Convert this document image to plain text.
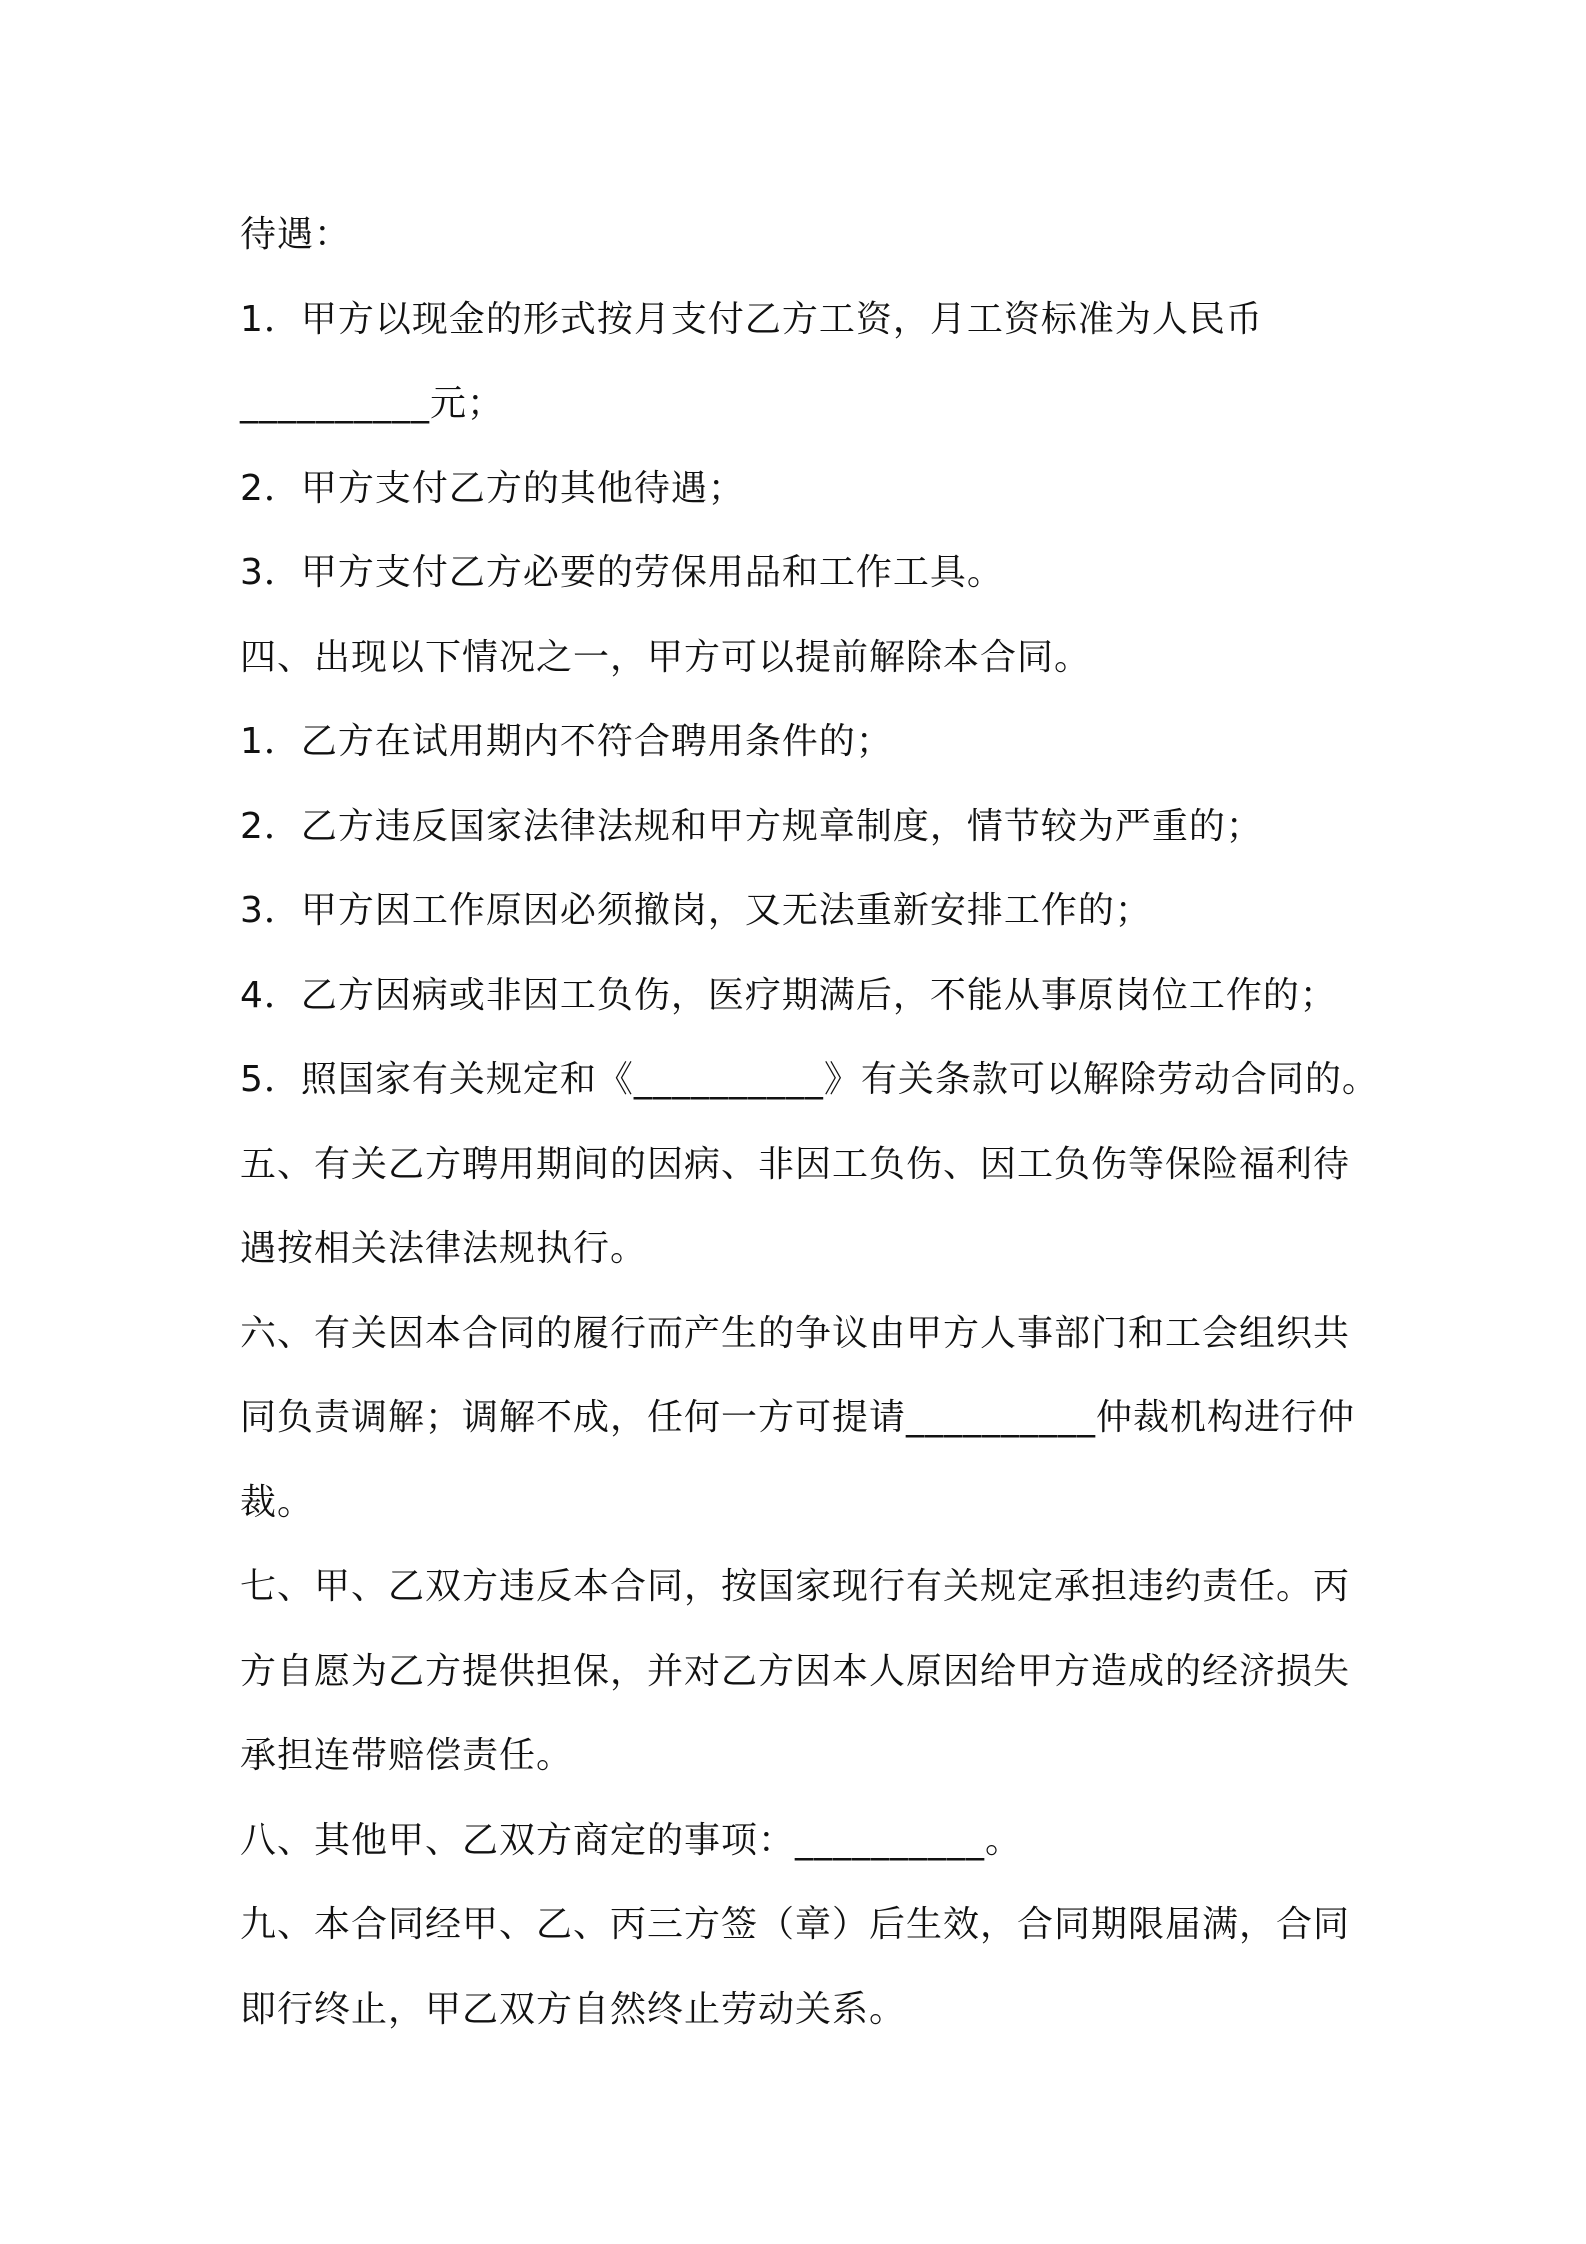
待遇：
1．甲方以现金的形式按月支付乙方工资，月工资标准为人民币
__________元；
2．甲方支付乙方的其他待遇；
3．甲方支付乙方必要的劳保用品和工作工具。
四、出现以下情况之一，甲方可以提前解除本合同。
1．乙方在试用期内不符合聘用条件的；
2．乙方违反国家法律法规和甲方规章制度，情节较为严重的；
3．甲方因工作原因必须撤岗，又无法重新安排工作的；
4．乙方因病或非因工负伤，医疗期满后，不能从事原岗位工作的；
5．照国家有关规定和《__________》有关条款可以解除劳动合同的。
五、有关乙方聘用期间的因病、非因工负伤、因工负伤等保险福利待
遇按相关法律法规执行。
六、有关因本合同的履行而产生的争议由甲方人事部门和工会组织共
同负责调解；调解不成，任何一方可提请__________仲裁机构进行仲
裁。
七、甲、乙双方违反本合同，按国家现行有关规定承担违约责任。丙
方自愿为乙方提供担保，并对乙方因本人原因给甲方造成的经济损失
承担连带赔偿责任。
八、其他甲、乙双方商定的事项：__________。
九、本合同经甲、乙、丙三方签（章）后生效，合同期限届满，合同
即行终止，甲乙双方自然终止劳动关系。
